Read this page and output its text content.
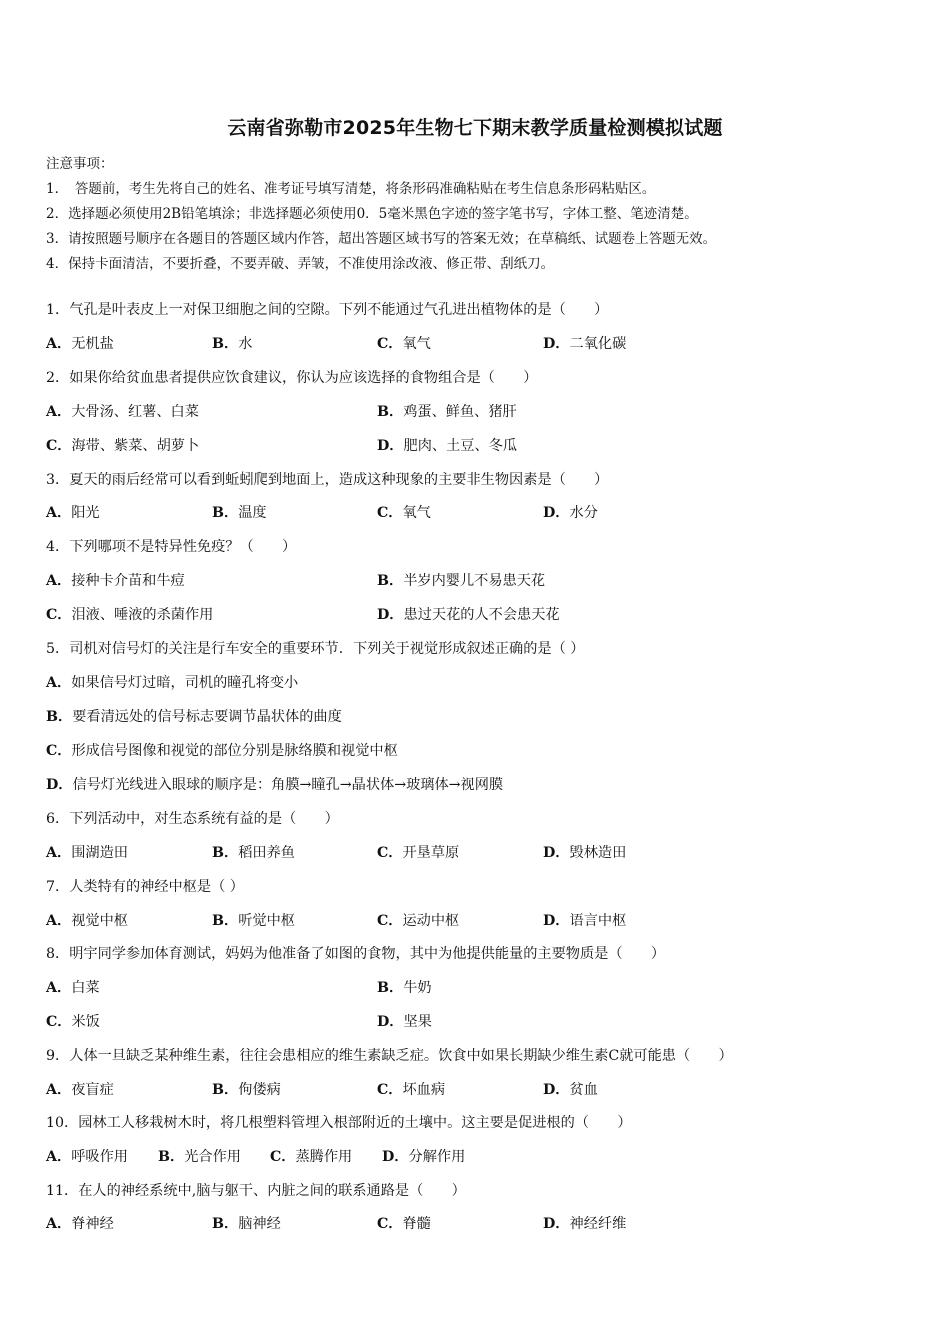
云南省弥勒市2025年生物七下期末教学质量检测模拟试题
注意事项：
1．　答题前，考生先将自己的姓名、准考证号填写清楚，将条形码准确粘贴在考生信息条形码粘贴区。
2．选择题必须使用2B铅笔填涂；非选择题必须使用0．5毫米黑色字迹的签字笔书写，字体工整、笔迹清楚。
3．请按照题号顺序在各题目的答题区域内作答，超出答题区域书写的答案无效；在草稿纸、试题卷上答题无效。
4．保持卡面清洁，不要折叠，不要弄破、弄皱，不准使用涂改液、修正带、刮纸刀。
1．气孔是叶表皮上一对保卫细胞之间的空隙。下列不能通过气孔进出植物体的是（　　）
A．无机盐	B．水	C．氧气	D．二氧化碳
2．如果你给贫血患者提供应饮食建议，你认为应该选择的食物组合是（　　）
A．大骨汤、红薯、白菜	B．鸡蛋、鲜鱼、猪肝
C．海带、紫菜、胡萝卜	D．肥肉、土豆、冬瓜
3．夏天的雨后经常可以看到蚯蚓爬到地面上，造成这种现象的主要非生物因素是（　　）
A．阳光	B．温度	C．氧气	D．水分
4．下列哪项不是特异性免疫？（　　）
A．接种卡介苗和牛痘	B．半岁内婴儿不易患天花
C．泪液、唾液的杀菌作用	D．患过天花的人不会患天花
5．司机对信号灯的关注是行车安全的重要环节．下列关于视觉形成叙述正确的是（ ）
A．如果信号灯过暗，司机的瞳孔将变小
B．要看清远处的信号标志要调节晶状体的曲度
C．形成信号图像和视觉的部位分别是脉络膜和视觉中枢
D．信号灯光线进入眼球的顺序是：角膜→瞳孔→晶状体→玻璃体→视网膜
6．下列活动中，对生态系统有益的是（　　）
A．围湖造田	B．稻田养鱼	C．开垦草原	D．毁林造田
7．人类特有的神经中枢是（ ）
A．视觉中枢	B．听觉中枢	C．运动中枢	D．语言中枢
8．明宇同学参加体育测试，妈妈为他准备了如图的食物，其中为他提供能量的主要物质是（　　）
A．白菜	B．牛奶
C．米饭	D．坚果
9．人体一旦缺乏某种维生素，往往会患相应的维生素缺乏症。饮食中如果长期缺少维生素C就可能患（　　）
A．夜盲症	B．佝偻病	C．坏血病	D．贫血
10．园林工人移栽树木时，将几根塑料管埋入根部附近的土壤中。这主要是促进根的（　　）
A．呼吸作用 B．光合作用 C．蒸腾作用 D．分解作用
11．在人的神经系统中,脑与躯干、内脏之间的联系通路是（　　）
A．脊神经	B．脑神经	C．脊髓	D．神经纤维
